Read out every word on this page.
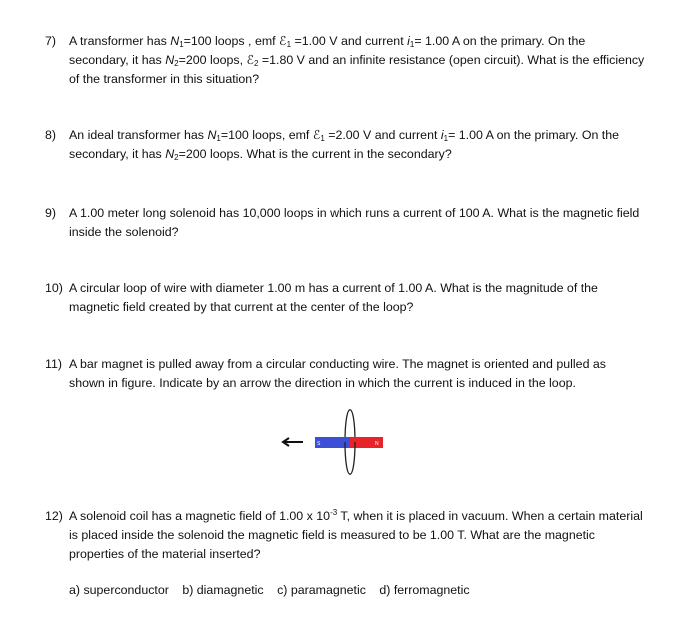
7) A transformer has $N_1=100$ loops , emf ℰ$_1$ =1.00 V and current $i_1= 1.00$ A on the primary. On the secondary, it has $N_2=200$ loops, ℰ$_2$ =1.80 V and an infinite resistance (open circuit). What is the efficiency of the transformer in this situation?
8) An ideal transformer has $N_1=100$ loops, emf ℰ$_1$ =2.00 V and current $i_1= 1.00$ A on the primary. On the secondary, it has $N_2=200$ loops. What is the current in the secondary?
9) A 1.00 meter long solenoid has 10,000 loops in which runs a current of 100 A. What is the magnetic field inside the solenoid?
10) A circular loop of wire with diameter 1.00 m has a current of 1.00 A. What is the magnitude of the magnetic field created by that current at the center of the loop?
11) A bar magnet is pulled away from a circular conducting wire. The magnet is oriented and pulled as shown in figure. Indicate by an arrow the direction in which the current is induced in the loop.
S	N
12) A solenoid coil has a magnetic field of 1.00 x $10^{-3}$ T, when it is placed in vacuum. When a certain material is placed inside the solenoid the magnetic field is measured to be 1.00 T. What are the magnetic properties of the material inserted?
a) superconductor b) diamagnetic c) paramagnetic d) ferromagnetic
